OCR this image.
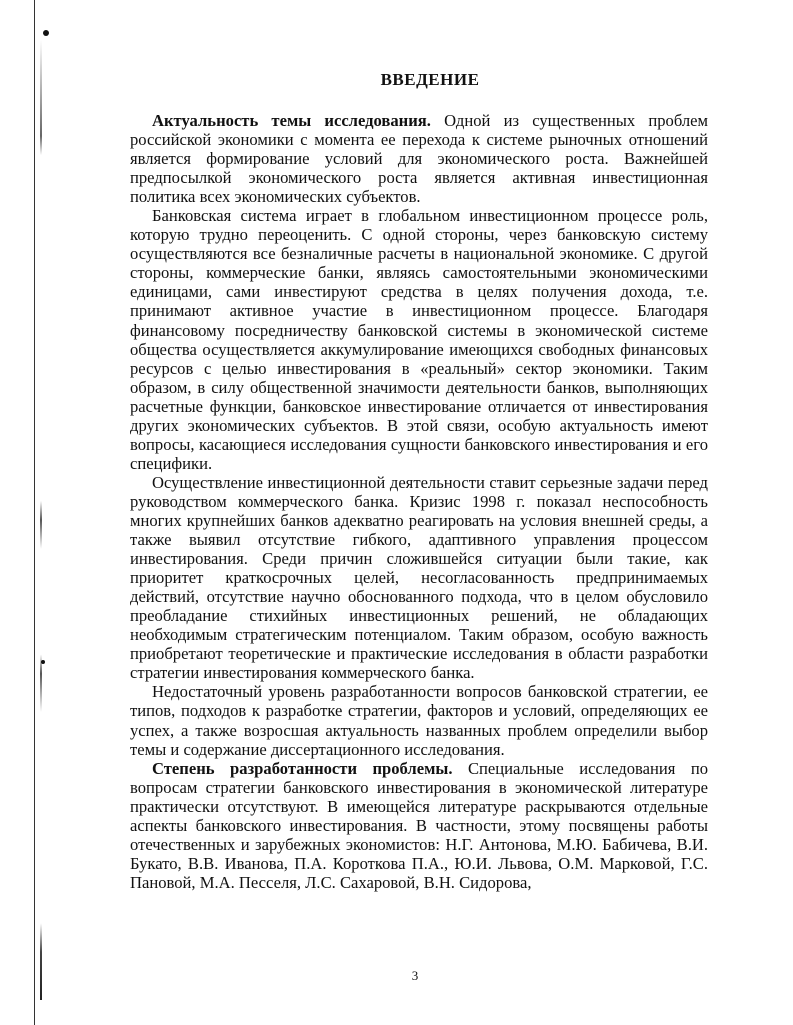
ВВЕДЕНИЕ

Актуальность темы исследования. Одной из существенных проблем российской экономики с момента ее перехода к системе рыночных отношений является формирование условий для экономического роста. Важнейшей предпосылкой экономического роста является активная инвестиционная политика всех экономических субъектов.

Банковская система играет в глобальном инвестиционном процессе роль, которую трудно переоценить. С одной стороны, через банковскую систему осуществляются все безналичные расчеты в национальной экономике. С другой стороны, коммерческие банки, являясь самостоятельными экономическими единицами, сами инвестируют средства в целях получения дохода, т.е. принимают активное участие в инвестиционном процессе. Благодаря финансовому посредничеству банковской системы в экономической системе общества осуществляется аккумулирование имеющихся свободных финансовых ресурсов с целью инвестирования в «реальный» сектор экономики. Таким образом, в силу общественной значимости деятельности банков, выполняющих расчетные функции, банковское инвестирование отличается от инвестирования других экономических субъектов. В этой связи, особую актуальность имеют вопросы, касающиеся исследования сущности банковского инвестирования и его специфики.

Осуществление инвестиционной деятельности ставит серьезные задачи перед руководством коммерческого банка. Кризис 1998 г. показал неспособность многих крупнейших банков адекватно реагировать на условия внешней среды, а также выявил отсутствие гибкого, адаптивного управления процессом инвестирования. Среди причин сложившейся ситуации были такие, как приоритет краткосрочных целей, несогласованность предпринимаемых действий, отсутствие научно обоснованного подхода, что в целом обусловило преобладание стихийных инвестиционных решений, не обладающих необходимым стратегическим потенциалом. Таким образом, особую важность приобретают теоретические и практические исследования в области разработки стратегии инвестирования коммерческого банка.

Недостаточный уровень разработанности вопросов банковской стратегии, ее типов, подходов к разработке стратегии, факторов и условий, определяющих ее успех, а также возросшая актуальность названных проблем определили выбор темы и содержание диссертационного исследования.

Степень разработанности проблемы. Специальные исследования по вопросам стратегии банковского инвестирования в экономической литературе практически отсутствуют. В имеющейся литературе раскрываются отдельные аспекты банковского инвестирования. В частности, этому посвящены работы отечественных и зарубежных экономистов: Н.Г. Антонова, М.Ю. Бабичева, В.И. Букато, В.В. Иванова, П.А. Короткова П.А., Ю.И. Львова, О.М. Марковой, Г.С. Пановой, М.А. Песселя, Л.С. Сахаровой, В.Н. Сидорова,

3
